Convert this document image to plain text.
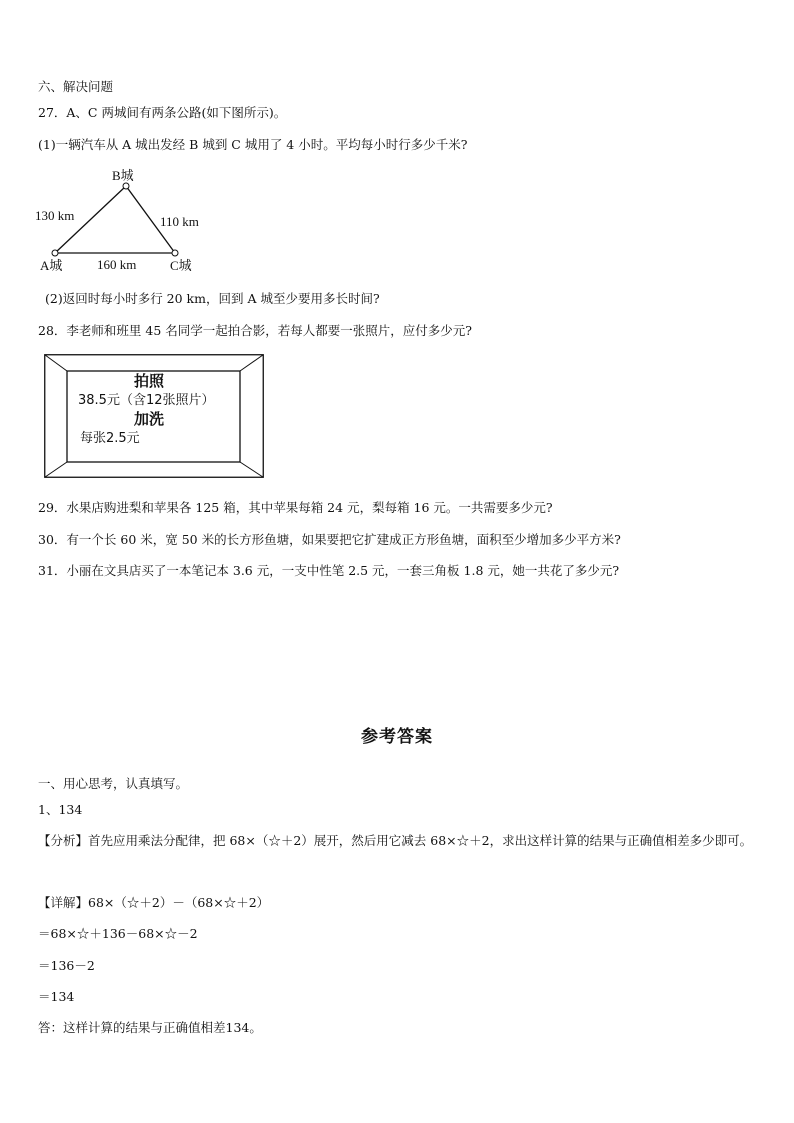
六、解决问题
27．A、C 两城间有两条公路(如下图所示)。
(1)一辆汽车从 A 城出发经 B 城到 C 城用了 4 小时。平均每小时行多少千米?
B城
A城	C城
130 km	110 km
160 km
(2)返回时每小时多行 20 km，回到 A 城至少要用多长时间?
28．李老师和班里 45 名同学一起拍合影，若每人都要一张照片，应付多少元?
拍照
38.5元（含12张照片）
加洗
每张2.5元
29．水果店购进梨和苹果各 125 箱，其中苹果每箱 24 元，梨每箱 16 元。一共需要多少元?
30．有一个长 60 米，宽 50 米的长方形鱼塘，如果要把它扩建成正方形鱼塘，面积至少增加多少平方米?
31．小丽在文具店买了一本笔记本 3.6 元，一支中性笔 2.5 元，一套三角板 1.8 元，她一共花了多少元?
参考答案
一、用心思考，认真填写。
1、134
【分析】首先应用乘法分配律，把 68×（☆＋2）展开，然后用它减去 68×☆＋2，求出这样计算的结果与正确值相差多少即可。
【详解】68×（☆＋2）－（68×☆＋2）
＝68×☆＋136－68×☆－2
＝136－2
＝134
答：这样计算的结果与正确值相差134。
